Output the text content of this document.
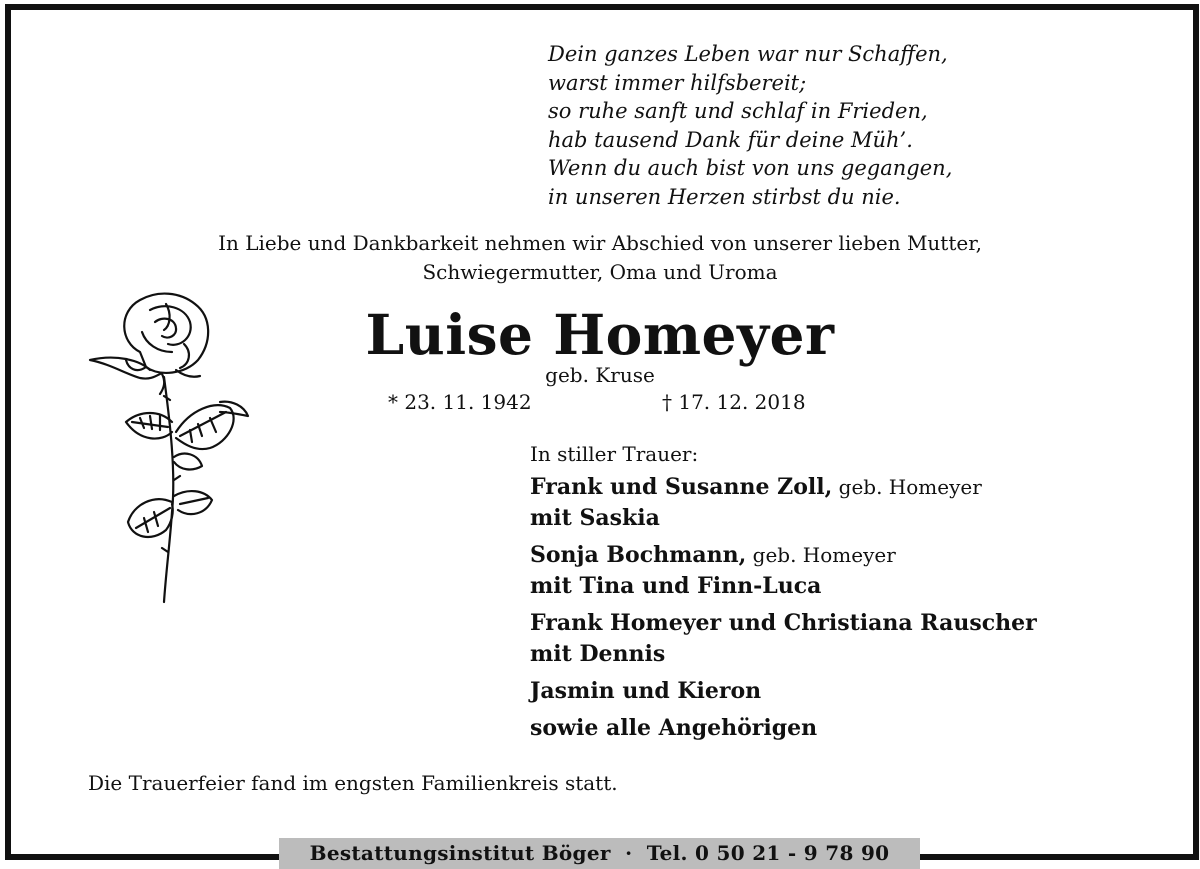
Dein ganzes Leben war nur Schaffen,
warst immer hilfsbereit;
so ruhe sanft und schlaf in Frieden,
hab tausend Dank für deine Müh’.
Wenn du auch bist von uns gegangen,
in unseren Herzen stirbst du nie.
In Liebe und Dankbarkeit nehmen wir Abschied von unserer lieben Mutter,
Schwiegermutter, Oma und Uroma
Luise Homeyer
geb. Kruse
* 23. 11. 1942	† 17. 12. 2018
In stiller Trauer:
Frank und Susanne Zoll, geb. Homeyer
mit Saskia
Sonja Bochmann, geb. Homeyer
mit Tina und Finn-Luca
Frank Homeyer und Christiana Rauscher
mit Dennis
Jasmin und Kieron
sowie alle Angehörigen
Die Trauerfeier fand im engsten Familienkreis statt.
Bestattungsinstitut Böger · Tel. 0 50 21 - 9 78 90
